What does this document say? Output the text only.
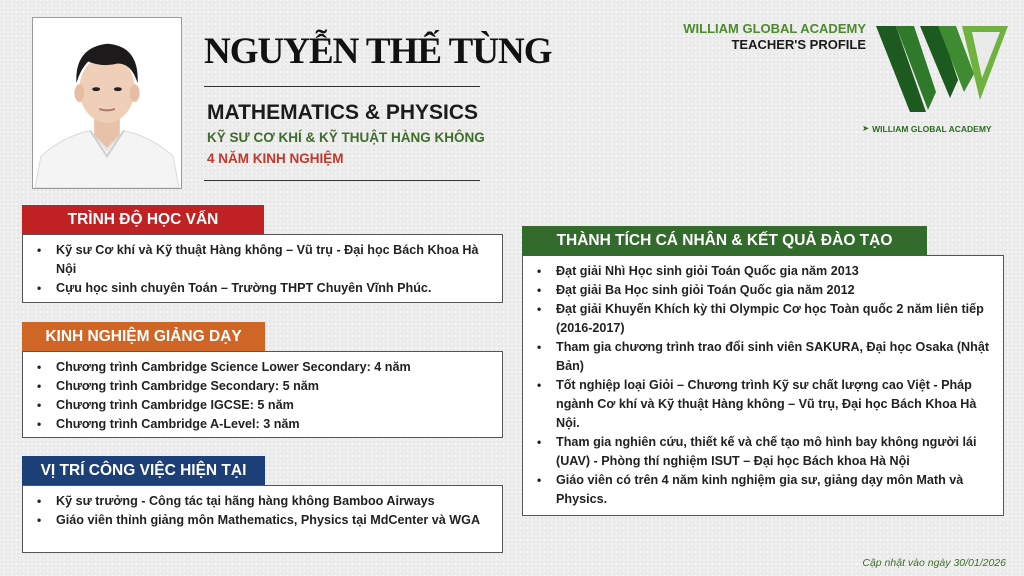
NGUYỄN THẾ TÙNG
MATHEMATICS & PHYSICS
KỸ SƯ CƠ KHÍ & KỸ THUẬT HÀNG KHÔNG
4 NĂM KINH NGHIỆM
WILLIAM GLOBAL ACADEMY
TEACHER'S PROFILE
➤ WILLIAM GLOBAL ACADEMY
TRÌNH ĐỘ HỌC VẤN
• Kỹ sư Cơ khí và Kỹ thuật Hàng không – Vũ trụ - Đại học Bách Khoa Hà Nội
• Cựu học sinh chuyên Toán – Trường THPT Chuyên Vĩnh Phúc.
KINH NGHIỆM GIẢNG DẠY
• Chương trình Cambridge Science Lower Secondary: 4 năm
• Chương trình Cambridge Secondary: 5 năm
• Chương trình Cambridge IGCSE: 5 năm
• Chương trình Cambridge A-Level: 3 năm
VỊ TRÍ CÔNG VIỆC HIỆN TẠI
• Kỹ sư trưởng - Công tác tại hãng hàng không Bamboo Airways
• Giáo viên thỉnh giảng môn Mathematics, Physics tại MdCenter và WGA
THÀNH TÍCH CÁ NHÂN & KẾT QUẢ ĐÀO TẠO
• Đạt giải Nhì Học sinh giỏi Toán Quốc gia năm 2013
• Đạt giải Ba Học sinh giỏi Toán Quốc gia năm 2012
• Đạt giải Khuyến Khích kỳ thi Olympic Cơ học Toàn quốc 2 năm liên tiếp (2016-2017)
• Tham gia chương trình trao đổi sinh viên SAKURA, Đại học Osaka (Nhật Bản)
• Tốt nghiệp loại Giỏi – Chương trình Kỹ sư chất lượng cao Việt - Pháp ngành Cơ khí và Kỹ thuật Hàng không – Vũ trụ, Đại học Bách Khoa Hà Nội.
• Tham gia nghiên cứu, thiết kế và chế tạo mô hình bay không người lái (UAV) - Phòng thí nghiệm ISUT – Đại học Bách khoa Hà Nội
• Giáo viên có trên 4 năm kinh nghiệm gia sư, giảng dạy môn Math và Physics.
Cập nhật vào ngày 30/01/2026
